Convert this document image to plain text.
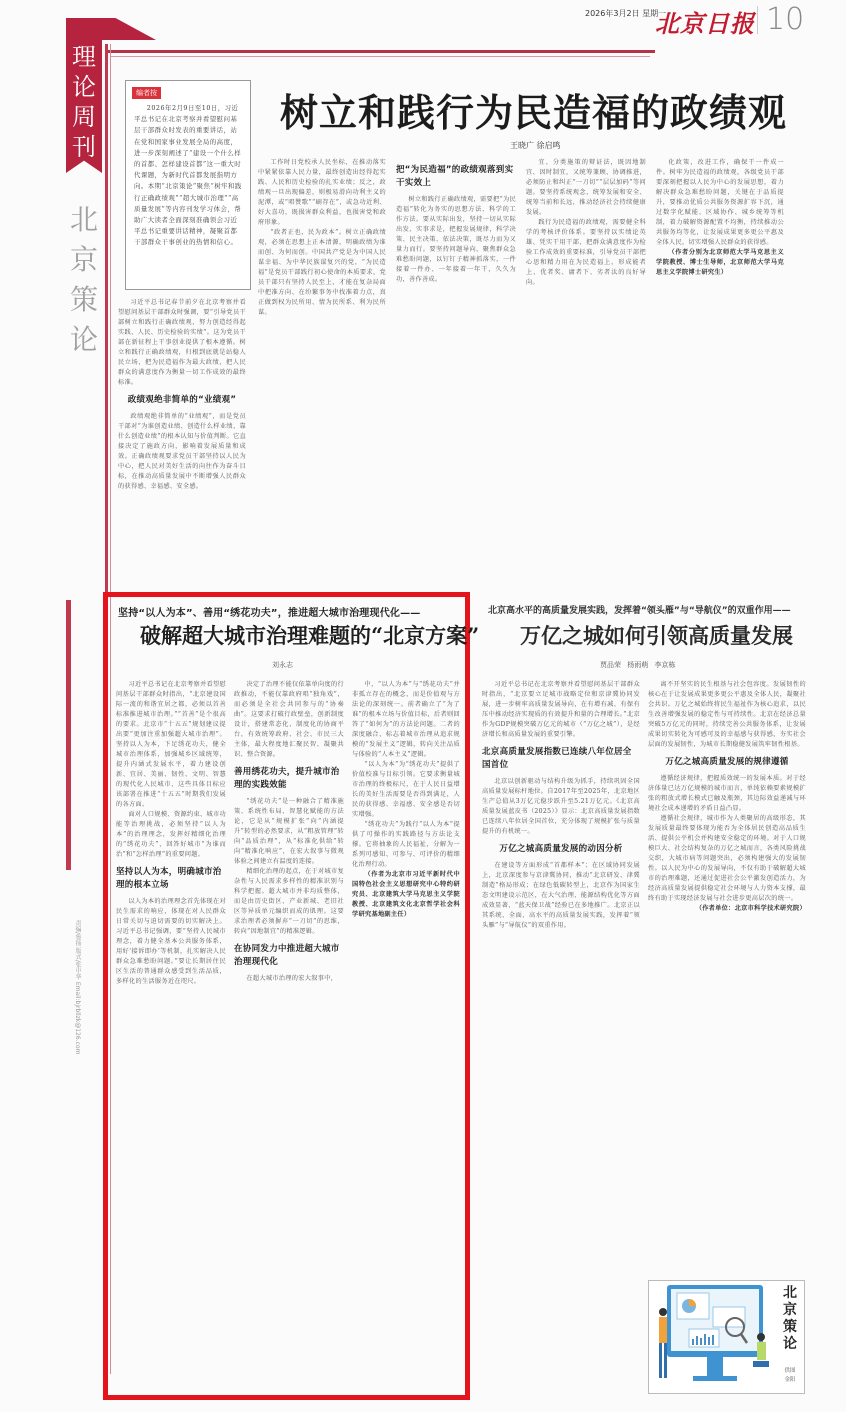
理论周刊
北京策论
2026年3月2日 星期一
北京日报 10
编者按
2026年2月9日至10日，习近平总书记在北京考察并看望慰问基层干部群众时发表的重要讲话，站在党和国家事业发展全局的高度，进一步深刻阐述了“建设一个什么样的首都、怎样建设首都”这一重大时代课题，为新时代首都发展指明方向。本期“北京策论”聚焦“树牢和践行正确政绩观”“超大城市治理”“高质量发展”等内容刊发学习体会，帮助广大读者全面深刻准确领会习近平总书记重要讲话精神，凝聚首都干部群众干事创业的热情和信心。
树立和践行为民造福的政绩观
王晓广 徐启鸣

习近平总书记春节前夕在北京考察并看望慰问基层干部群众时强调，要“引导党员干部树立和践行正确政绩观，努力创造经得起实践、人民、历史检验的实绩”。这为党员干部在新征程上干事创业提供了根本遵循。树立和践行正确政绩观，归根到底就是站稳人民立场，把为民造福作为最大政绩，把人民群众的满意度作为衡量一切工作成效的最终标准。

政绩观绝非简单的“业绩观”

政绩观绝非简单的“业绩观”，而是党员干部对“为谁创造业绩、创造什么样业绩、靠什么创造业绩”的根本认知与价值判断。它直接决定了施政方向，影响着发展质量和成效。正确政绩观要求党员干部坚持以人民为中心，把人民对美好生活的向往作为奋斗目标，在推动高质量发展中不断增强人民群众的获得感、幸福感、安全感。

工作时日党校承人民坐标，在推动落实中紧紧依靠人民力量，最终创造出经得起实践、人民和历史检验的扎实业绩；反之，政绩观一旦出现偏差，则极易滑向功利主义的泥潭，或“唱赞歌”“刷存在”，或急功近利、好大喜功，既损害群众利益，也损害党和政府形象。

“政者正也，民为政本”。树立正确政绩观，必须在思想上正本清源，明确政绩为谁而创、为何而创。中国共产党是为中国人民谋幸福、为中华民族谋复兴的党，“为民造福”是党员干部践行初心使命的本质要求，党员干部只有坚持人民至上，才能在复杂局面中把准方向、在纷繁事务中找准着力点，真正做到权为民所用、情为民所系、利为民所谋。

把“为民造福”的政绩观落到实干实效上

树立和践行正确政绩观，需要把“为民造福”转化为务实的思想方法、科学的工作方法。要从实际出发，坚持一切从实际出发、实事求是，把握发展规律，科学决策、民主决策、依法决策，既尽力而为又量力而行。要坚持问题导向，聚焦群众急难愁盼问题，以钉钉子精神抓落实，一件接着一件办、一年接着一年干，久久为功，善作善成。

宜、分类施策的辩证法，既因地制宜、因时制宜，又统筹兼顾、协调推进，必须防止和纠正“一刀切”“层层加码”等问题。要坚持系统观念，统筹发展和安全、统筹当前和长远，推动经济社会持续健康发展。

践行为民造福的政绩观，需要健全科学的考核评价体系。要坚持以实绩论英雄、凭实干用干部，把群众满意度作为检验工作成效的重要标准，引导党员干部把心思和精力用在为民造福上，形成能者上、优者奖、庸者下、劣者汰的良好导向。

化政策，改进工作，确保干一件成一件。树牢为民造福的政绩观，各级党员干部要深刻把握以人民为中心的发展思想，着力解决群众急难愁盼问题，关键在于品质提升，要推动优质公共服务资源扩容下沉，通过数字化赋能、区域协作、城乡统筹等机制，着力破解资源配置不均衡，持续推动公共服务均等化，让发展成果更多更公平惠及全体人民，切实增强人民群众的获得感。

（作者分别为北京师范大学马克思主义学院教授、博士生导师，北京师范大学马克思主义学院博士研究生）

责编/鲁扬 版式/张中华 Email:bjrbllzk@126.com
坚持“以人为本”、善用“绣花功夫”，推进超大城市治理现代化——
破解超大城市治理难题的“北京方案”
刘永志

习近平总书记在北京考察并看望慰问基层干部群众时指出，“北京建设国际一流的和谐宜居之都，必须以首善标准推进城市治理。”“首善”是个很高的要求。北京市“十五五”规划建议提出要“更加注重加强超大城市治理”。坚持以人为本，下足绣花功夫，健全城市治理体系，加强城乡区域统筹，提升内涵式发展水平，着力建设创新、宜居、美丽、韧性、文明、智慧的现代化人民城市，这些具体目标应该部署在推进“十五五”时期我们发展的各方面。

面对人口规模、资源约束、城市功能等治理挑战，必须坚持“以人为本”的治理理念，发挥好精细化治理的“绣花功夫”，回答好城市“为谁而治”和“怎样治理”的重要问题。

坚持以人为本，明确城市治理的根本立场

以人为本的治理理念首先体现在对民生需求的响应，体现在对人民群众日常关切与迫切需要的切实解决上。习近平总书记强调，要“坚持人民城市理念，着力健全基本公共服务体系，用好‘接诉即办’等机制，扎实解决人民群众急难愁盼问题。”要让长期居住民区生活的普通群众感受到生活品质，多样化的生活服务近在咫尺。

决定了治理不能仅依靠单向度的行政推动，不能仅靠政府唱“独角戏”，而必须是全社会共同参与的“协奏曲”。这要求打破行政壁垒，创新制度设计，搭建常态化、制度化的协商平台，有效统筹政府、社会、市民三大主体，最大程度地汇聚民智、凝聚共识、整合资源。

善用绣花功夫，提升城市治理的实践效能

“绣花功夫”是一种融合了精准施策、系统性布局、智慧化赋能的方法论，它是从“规模扩张”向“内涵提升”转型的必然要求，从“粗放管理”转向“品质治理”，从“标准化供给”转向“精准化响应”，在宏大叙事与微观体验之间建立有温度的连接。

精细化治理的起点，在于对城市复杂性与人民需求多样性的精准识别与科学把握。超大城市并非均质整体，而是由历史街区、产业新城、老旧社区等异质单元编织而成的肌理。这要求治理者必须摒弃“一刀切”的思维，转向“因地制宜”的精准逻辑。

在协同发力中推进超大城市治理现代化

在超大城市治理的宏大叙事中，

中，“以人为本”与“绣花功夫”并非孤立存在的概念，而是价值观与方法论的深刻统一。前者确立了“为了谁”的根本立场与价值目标，后者则回答了“如何为”的方法论问题。二者的深度融合，标志着城市治理从追求规模的“发展主义”逻辑，转向关注品质与体验的“人本主义”逻辑。

“以人为本”为“绣花功夫”提供了价值校准与目标引领。它要求衡量城市治理的终极标尺，在于人民日益增长的美好生活需要是否得到满足，人民的获得感、幸福感、安全感是否切实增强。

“绣花功夫”为践行“以人为本”提供了可操作的实践路径与方法论支撑。它将抽象的人民福祉，分解为一系列可感知、可参与、可评价的精细化治理行动。

（作者为北京市习近平新时代中国特色社会主义思想研究中心特约研究员、北京建筑大学马克思主义学院教授、北京建筑文化北京哲学社会科学研究基地副主任）

北京高水平的高质量发展实践，发挥着“领头雁”与“导航仪”的双重作用——
万亿之城如何引领高质量发展
贾品荣 杨雨萌 李京栋

习近平总书记在北京考察并看望慰问基层干部群众时指出，“北京要立足城市战略定位和京津冀协同发展，进一步树牢高质量发展导向，在有增有减、有保有压中推动经济实现质的有效提升和量的合理增长。”北京作为GDP规模突破万亿元的城市（“万亿之城”），是经济增长和高质量发展的重要引擎。

北京高质量发展指数已连续八年位居全国首位

北京以创新驱动与结构升级为抓手，持续巩固全国高质量发展标杆地位。自2017年至2025年，北京地区生产总值从3万亿元稳步跃升至5.21万亿元。《北京高质量发展蓝皮书（2025）》显示：北京高质量发展指数已连续八年位居全国首位，充分体现了规模扩张与质量提升的有机统一。

万亿之城高质量发展的动因分析

在建设等方面形成“首都样本”；在区域协同发展上，北京深度参与京津冀协同，推动“北京研发、津冀制造”格局形成；在绿色低碳转型上，北京作为国家生态文明建设示范区，在大气治理、能源结构优化等方面成效显著，“蓝天保卫战”经验已在多地推广。北京正以其系统、全面、高水平的高质量发展实践，发挥着“领头雁”与“导航仪”的双重作用。

离不开坚实的民生根基与社会包容度。发展韧性的核心在于让发展成果更多更公平惠及全体人民，凝聚社会共识。万亿之城始终将民生福祉作为核心追求，以民生改善增强发展的稳定性与可持续性。北京在经济总量突破5万亿元的同时，持续完善公共服务体系，让发展成果切实转化为可感可及的幸福感与获得感，夯实社会层面的发展韧性，为城市长期稳健发展筑牢韧性根基。

万亿之城高质量发展的规律遵循

遵循经济规律，把握质效统一的发展本质。对于经济体量已达万亿规模的城市而言，单纯依赖要素规模扩张的粗放式增长模式已触及瓶颈，其边际效益递减与环境社会成本递增的矛盾日益凸显。

遵循社会规律，城市作为人类聚居的高级形态，其发展质量最终要体现为能否为全体居民创造高品质生活、提供公平机会并构建安全稳定的环境。对于人口规模巨大、社会结构复杂的万亿之城而言，各类风险挑战交织，大城市病等问题突出，必须构建强大的发展韧性。以人民为中心的发展导向，不仅有助于破解超大城市的治理难题，还通过促进社会公平激发创造活力，为经济高质量发展提供稳定社会环境与人力资本支撑，最终有助于实现经济发展与社会进步更高层次的统一。

（作者单位：北京市科学技术研究院）

北京策论
供图 金阳
